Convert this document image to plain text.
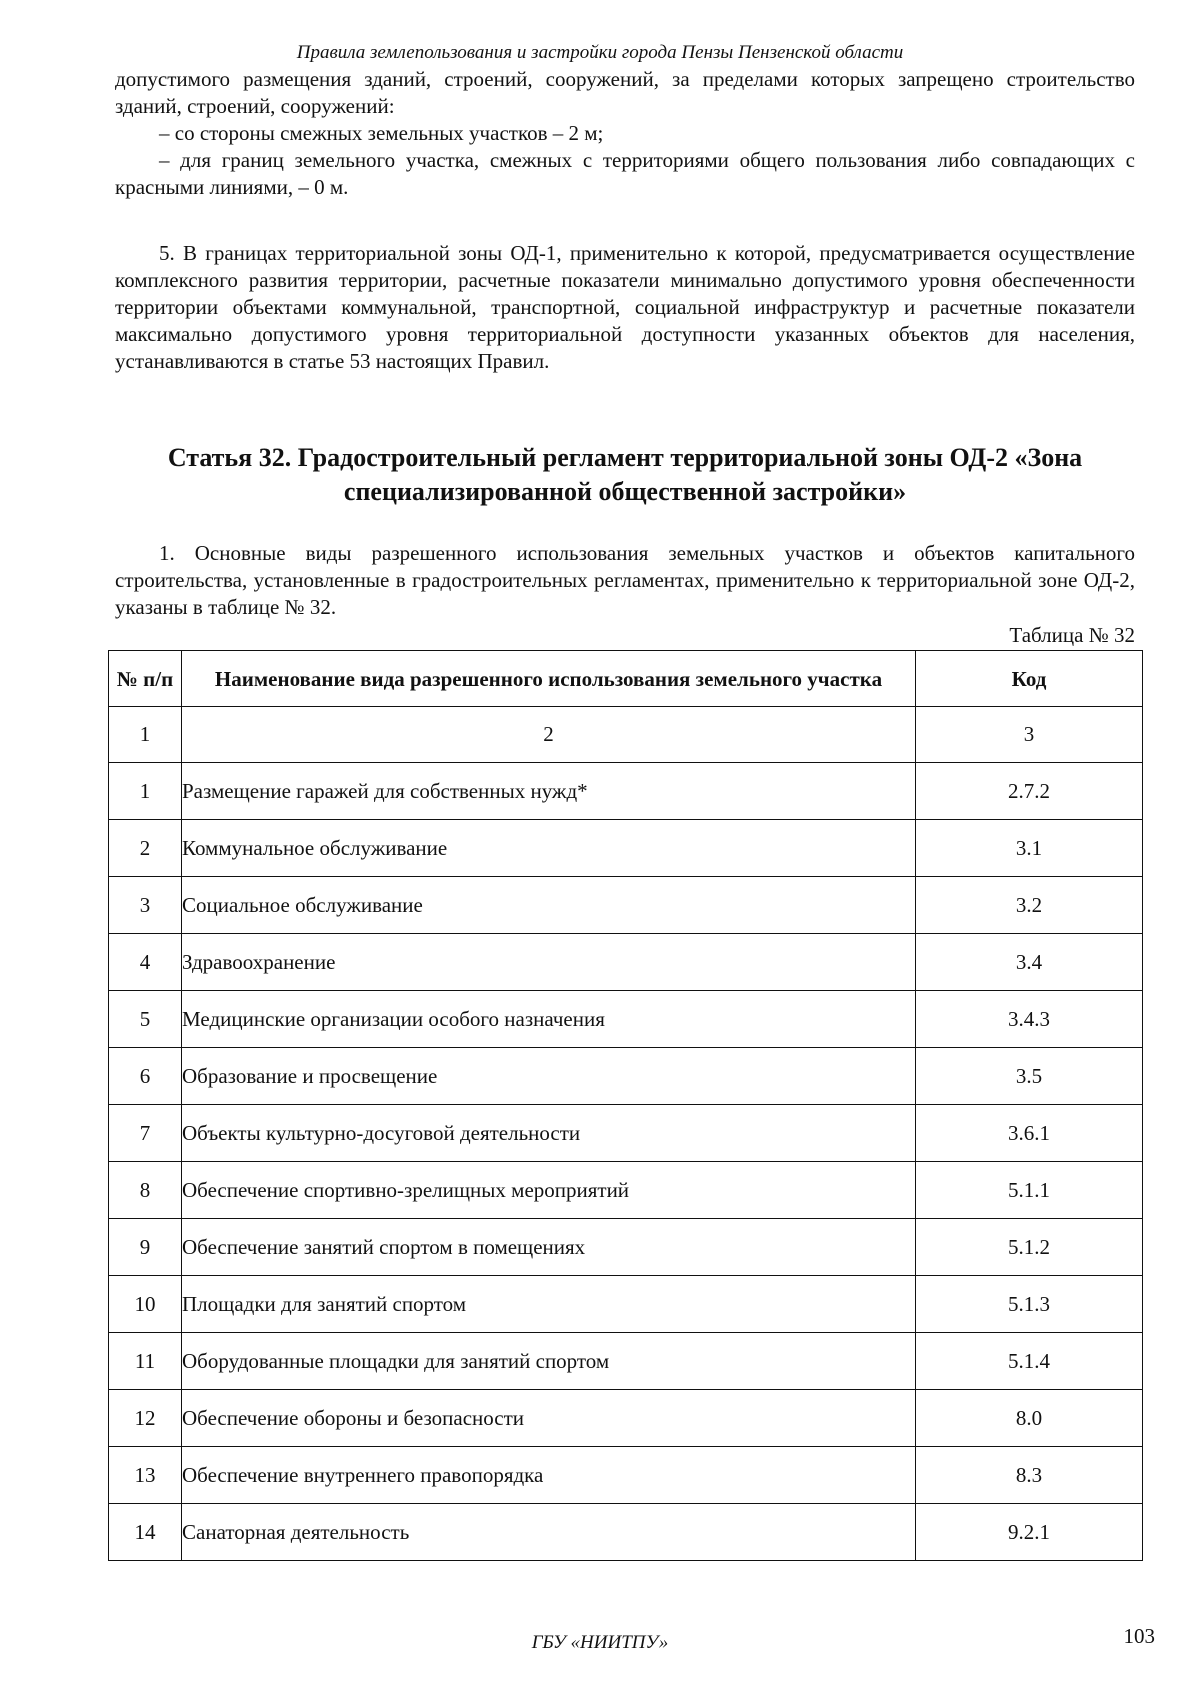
Правила землепользования и застройки города Пензы Пензенской области

допустимого размещения зданий, строений, сооружений, за пределами которых запрещено строительство зданий, строений, сооружений:

– со стороны смежных земельных участков – 2 м;

– для границ земельного участка, смежных с территориями общего пользования либо совпадающих с красными линиями, – 0 м.

5. В границах территориальной зоны ОД-1, применительно к которой, предусматривается осуществление комплексного развития территории, расчетные показатели минимально допустимого уровня обеспеченности территории объектами коммунальной, транспортной, социальной инфраструктур и расчетные показатели максимально допустимого уровня территориальной доступности указанных объектов для населения, устанавливаются в статье 53 настоящих Правил.

Статья 32. Градостроительный регламент территориальной зоны ОД-2 «Зона специализированной общественной застройки»

1. Основные виды разрешенного использования земельных участков и объектов капитального строительства, установленные в градостроительных регламентах, применительно к территориальной зоне ОД-2, указаны в таблице № 32.

Таблица № 32
№ п/п	Наименование вида разрешенного использования земельного участка	Код
1	2	3
1	Размещение гаражей для собственных нужд*	2.7.2
2	Коммунальное обслуживание	3.1
3	Социальное обслуживание	3.2
4	Здравоохранение	3.4
5	Медицинские организации особого назначения	3.4.3
6	Образование и просвещение	3.5
7	Объекты культурно-досуговой деятельности	3.6.1
8	Обеспечение спортивно-зрелищных мероприятий	5.1.1
9	Обеспечение занятий спортом в помещениях	5.1.2
10	Площадки для занятий спортом	5.1.3
11	Оборудованные площадки для занятий спортом	5.1.4
12	Обеспечение обороны и безопасности	8.0
13	Обеспечение внутреннего правопорядка	8.3
14	Санаторная деятельность	9.2.1
ГБУ «НИИТПУ»	103
